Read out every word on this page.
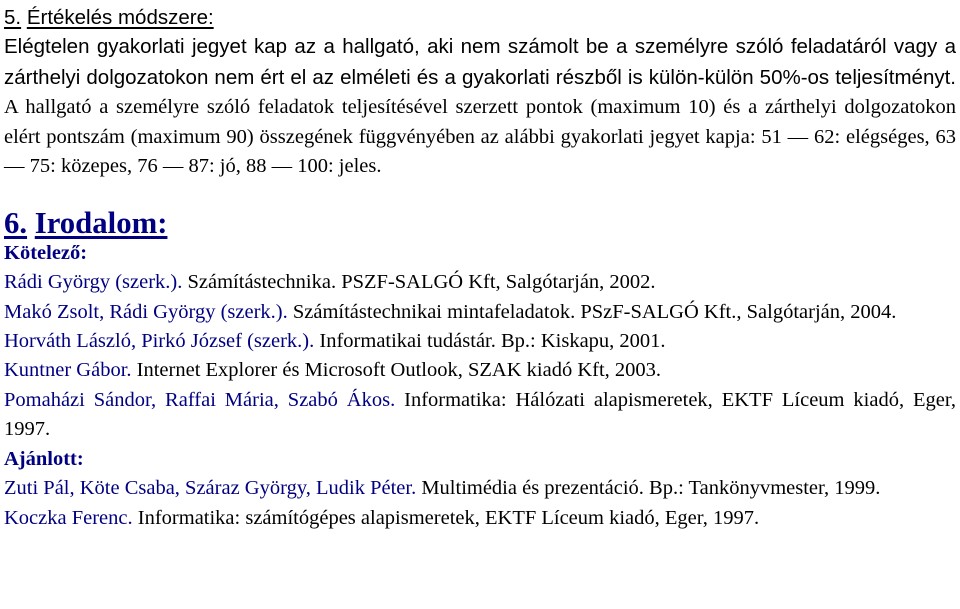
5. Értékelés módszere:

Elégtelen gyakorlati jegyet kap az a hallgató, aki nem számolt be a személyre szóló feladatáról vagy a zárthelyi dolgozatokon nem ért el az elméleti és a gyakorlati részből is külön-külön 50%-os teljesítményt. A hallgató a személyre szóló feladatok teljesítésével szerzett pontok (maximum 10) és a zárthelyi dolgozatokon elért pontszám (maximum 90) összegének függvényében az alábbi gyakorlati jegyet kapja: 51 — 62: elégséges, 63 — 75: közepes, 76 — 87: jó, 88 — 100: jeles.

6. Irodalom:

Kötelező:

Rádi György (szerk.). Számítástechnika. PSZF-SALGÓ Kft, Salgótarján, 2002.

Makó Zsolt, Rádi György (szerk.). Számítástechnikai mintafeladatok. PSzF-SALGÓ Kft., Salgótarján, 2004.

Horváth László, Pirkó József (szerk.). Informatikai tudástár. Bp.: Kiskapu, 2001.

Kuntner Gábor. Internet Explorer és Microsoft Outlook, SZAK kiadó Kft, 2003.

Pomaházi Sándor, Raffai Mária, Szabó Ákos. Informatika: Hálózati alapismeretek, EKTF Líceum kiadó, Eger, 1997.

Ajánlott:

Zuti Pál, Köte Csaba, Száraz György, Ludik Péter. Multimédia és prezentáció. Bp.: Tankönyvmester, 1999.

Koczka Ferenc. Informatika: számítógépes alapismeretek, EKTF Líceum kiadó, Eger, 1997.
